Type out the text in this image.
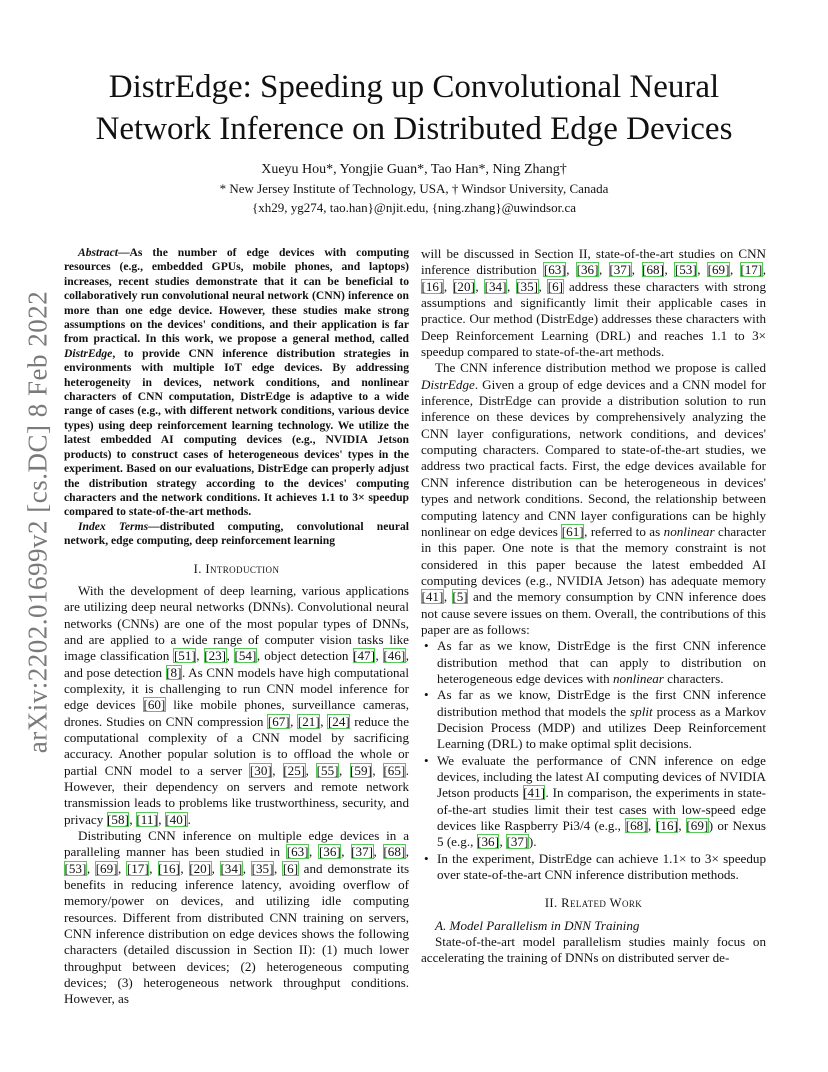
arXiv:2202.01699v2 [cs.DC] 8 Feb 2022
DistrEdge: Speeding up Convolutional Neural
Network Inference on Distributed Edge Devices
Xueyu Hou*, Yongjie Guan*, Tao Han*, Ning Zhang†
* New Jersey Institute of Technology, USA, † Windsor University, Canada
{xh29, yg274, tao.han}@njit.edu, {ning.zhang}@uwindsor.ca

Abstract—As the number of edge devices with computing resources (e.g., embedded GPUs, mobile phones, and laptops) increases, recent studies demonstrate that it can be beneficial to collaboratively run convolutional neural network (CNN) inference on more than one edge device. However, these studies make strong assumptions on the devices' conditions, and their application is far from practical. In this work, we propose a general method, called DistrEdge, to provide CNN inference distribution strategies in environments with multiple IoT edge devices. By addressing heterogeneity in devices, network conditions, and nonlinear characters of CNN computation, DistrEdge is adaptive to a wide range of cases (e.g., with different network conditions, various device types) using deep reinforcement learning technology. We utilize the latest embedded AI computing devices (e.g., NVIDIA Jetson products) to construct cases of heterogeneous devices' types in the experiment. Based on our evaluations, DistrEdge can properly adjust the distribution strategy according to the devices' computing characters and the network conditions. It achieves 1.1 to 3× speedup compared to state-of-the-art methods.

Index Terms—distributed computing, convolutional neural network, edge computing, deep reinforcement learning

I. Introduction

With the development of deep learning, various applications are utilizing deep neural networks (DNNs). Convolutional neural networks (CNNs) are one of the most popular types of DNNs, and are applied to a wide range of computer vision tasks like image classification [51], [23], [54], object detection [47], [46], and pose detection [8]. As CNN models have high computational complexity, it is challenging to run CNN model inference for edge devices [60] like mobile phones, surveillance cameras, drones. Studies on CNN compression [67], [21], [24] reduce the computational complexity of a CNN model by sacrificing accuracy. Another popular solution is to offload the whole or partial CNN model to a server [30], [25], [55], [59], [65]. However, their dependency on servers and remote network transmission leads to problems like trustworthiness, security, and privacy [58], [11], [40].

Distributing CNN inference on multiple edge devices in a paralleling manner has been studied in [63], [36], [37], [68], [53], [69], [17], [16], [20], [34], [35], [6] and demonstrate its benefits in reducing inference latency, avoiding overflow of memory/power on devices, and utilizing idle computing resources. Different from distributed CNN training on servers, CNN inference distribution on edge devices shows the following characters (detailed discussion in Section II): (1) much lower throughput between devices; (2) heterogeneous computing devices; (3) heterogeneous network throughput conditions. However, as

will be discussed in Section II, state-of-the-art studies on CNN inference distribution [63], [36], [37], [68], [53], [69], [17], [16], [20], [34], [35], [6] address these characters with strong assumptions and significantly limit their applicable cases in practice. Our method (DistrEdge) addresses these characters with Deep Reinforcement Learning (DRL) and reaches 1.1 to 3× speedup compared to state-of-the-art methods.

The CNN inference distribution method we propose is called DistrEdge. Given a group of edge devices and a CNN model for inference, DistrEdge can provide a distribution solution to run inference on these devices by comprehensively analyzing the CNN layer configurations, network conditions, and devices' computing characters. Compared to state-of-the-art studies, we address two practical facts. First, the edge devices available for CNN inference distribution can be heterogeneous in devices' types and network conditions. Second, the relationship between computing latency and CNN layer configurations can be highly nonlinear on edge devices [61], referred to as nonlinear character in this paper. One note is that the memory constraint is not considered in this paper because the latest embedded AI computing devices (e.g., NVIDIA Jetson) has adequate memory [41], [5] and the memory consumption by CNN inference does not cause severe issues on them. Overall, the contributions of this paper are as follows:

• As far as we know, DistrEdge is the first CNN inference distribution method that can apply to distribution on heterogeneous edge devices with nonlinear characters.
• As far as we know, DistrEdge is the first CNN inference distribution method that models the split process as a Markov Decision Process (MDP) and utilizes Deep Reinforcement Learning (DRL) to make optimal split decisions.
• We evaluate the performance of CNN inference on edge devices, including the latest AI computing devices of NVIDIA Jetson products [41]. In comparison, the experiments in state-of-the-art studies limit their test cases with low-speed edge devices like Raspberry Pi3/4 (e.g., [68], [16], [69]) or Nexus 5 (e.g., [36], [37]).
• In the experiment, DistrEdge can achieve 1.1× to 3× speedup over state-of-the-art CNN inference distribution methods.
II. Related Work

A. Model Parallelism in DNN Training

State-of-the-art model parallelism studies mainly focus on accelerating the training of DNNs on distributed server de-
